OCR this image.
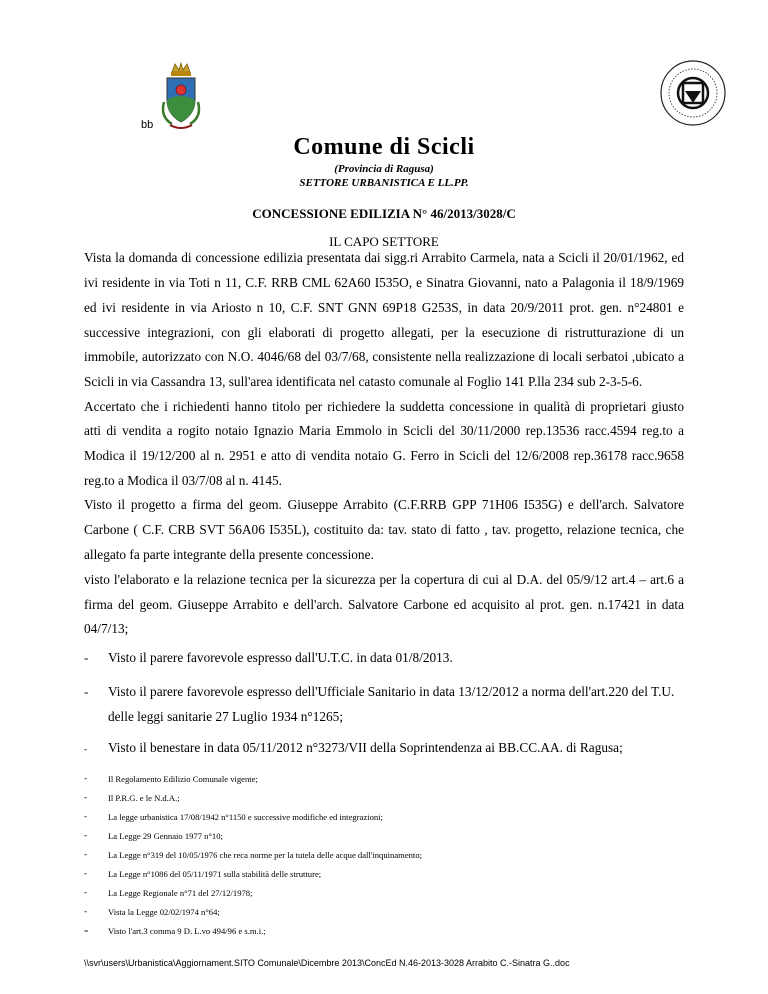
bb
Comune di Scicli
(Provincia di Ragusa)
SETTORE URBANISTICA E LL.PP.
CONCESSIONE EDILIZIA N° 46/2013/3028/C
IL CAPO SETTORE
Vista la domanda di concessione edilizia presentata dai sigg.ri Arrabito Carmela, nata a Scicli il 20/01/1962, ed
ivi residente in via Toti n 11, C.F. RRB CML 62A60 I535O, e Sinatra Giovanni, nato a Palagonia il 18/9/1969
ed ivi residente in via Ariosto n 10, C.F. SNT GNN 69P18 G253S, in data 20/9/2011 prot. gen. n°24801 e
successive integrazioni, con gli elaborati di progetto allegati, per la esecuzione di ristrutturazione di un
immobile, autorizzato con N.O. 4046/68 del 03/7/68, consistente nella realizzazione di locali serbatoi ,ubicato a
Scicli in via Cassandra 13, sull'area identificata nel catasto comunale al Foglio 141 P.lla 234 sub 2-3-5-6.
Accertato che i richiedenti hanno titolo per richiedere la suddetta concessione in qualità di proprietari giusto
atti di vendita a rogito notaio Ignazio Maria Emmolo in Scicli del 30/11/2000 rep.13536 racc.4594 reg.to a
Modica il 19/12/200 al n. 2951 e atto di vendita notaio G. Ferro in Scicli del 12/6/2008 rep.36178 racc.9658
reg.to a Modica il 03/7/08 al n. 4145.
Visto il progetto a firma del geom. Giuseppe Arrabito (C.F.RRB GPP 71H06 I535G) e dell'arch. Salvatore
Carbone ( C.F. CRB SVT 56A06 I535L), costituito da: tav. stato di fatto , tav. progetto, relazione tecnica, che
allegato fa parte integrante della presente concessione.
visto l'elaborato e la relazione tecnica per la sicurezza per la copertura di cui al D.A. del 05/9/12 art.4 – art.6 a
firma del geom. Giuseppe Arrabito e dell'arch. Salvatore Carbone ed acquisito al prot. gen. n.17421 in data
04/7/13;
- Visto il parere favorevole espresso dall'U.T.C. in data 01/8/2013.
- Visto il parere favorevole espresso dell'Ufficiale Sanitario in data 13/12/2012 a norma dell'art.220 del T.U.
delle leggi sanitarie 27 Luglio 1934 n°1265;
- Visto il benestare in data 05/11/2012 n°3273/VII della Soprintendenza ai BB.CC.AA. di Ragusa;
- Il Regolamento Edilizio Comunale vigente;
- Il P.R.G. e le N.d.A.;
- La legge urbanistica 17/08/1942 n°1150 e successive modifiche ed integrazioni;
- La Legge 29 Gennaio 1977 n°10;
- La Legge n°319 del 10/05/1976 che reca norme per la tutela delle acque dall'inquinamento;
- La Legge n°1086 del 05/11/1971 sulla stabilità delle strutture;
- La Legge Regionale n°71 del 27/12/1978;
- Vista la Legge 02/02/1974 n°64;
- Visto l'art.3 comma 9 D. L.vo 494/96 e s.m.i.;
\\svr\users\Urbanistica\Aggiornament.SITO Comunale\Dicembre 2013\ConcEd N.46-2013-3028 Arrabito C.-Sinatra G..doc
